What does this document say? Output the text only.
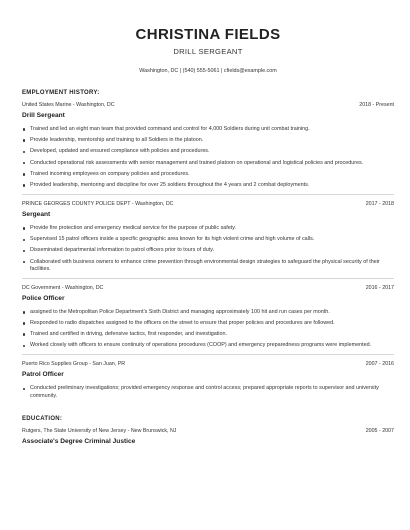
CHRISTINA FIELDS
DRILL SERGEANT
Washington, DC | (540) 555-5061 | cfields@example.com
EMPLOYMENT HISTORY:
United States Marine - Washington, DC	2018 - Present
Drill Sergeant
Trained and led an eight man team that provided command and control for 4,000 Soldiers during unit combat training.
Provide leadership, mentorship and training to all Soldiers in the platoon.
Developed, updated and ensured compliance with policies and procedures.
Conducted operational risk assessments with senior management and trained platoon on operational and logistical policies and procedures.
Trained incoming employees on company policies and procedures.
Provided leadership, mentoring and discipline for over 25 soldiers throughout the 4 years and 2 combat deployments.
PRINCE GEORGES COUNTY POLICE DEPT - Washington, DC	2017 - 2018
Sergeant
Provide fire protection and emergency medical service for the purpose of public safety.
Supervised 15 patrol officers inside a specific geographic area known for its high violent crime and high volume of calls.
Disseminated departmental information to patrol officers prior to tours of duty.
Collaborated with business owners to enhance crime prevention through environmental design strategies to safeguard the physical security of their facilities.
DC Government - Washington, DC	2016 - 2017
Police Officer
assigned to the Metropolitan Police Department's Sixth District and managing approximately 100 hit and run cases per month.
Responded to radio dispatches assigned to the officers on the street to ensure that proper policies and procedures are followed.
Trained and certified in driving, defensive tactics, first responder, and investigation.
Worked closely with officers to ensure continuity of operations procedures (COOP) and emergency preparedness programs were implemented.
Puerto Rico Supplies Group - San Juan, PR	2007 - 2016
Patrol Officer
Conducted preliminary investigations; provided emergency response and control access; prepared appropriate reports to supervisor and university community.
EDUCATION:
Rutgers, The State University of New Jersey - New Brunswick, NJ	2005 - 2007
Associate's Degree Criminal Justice
